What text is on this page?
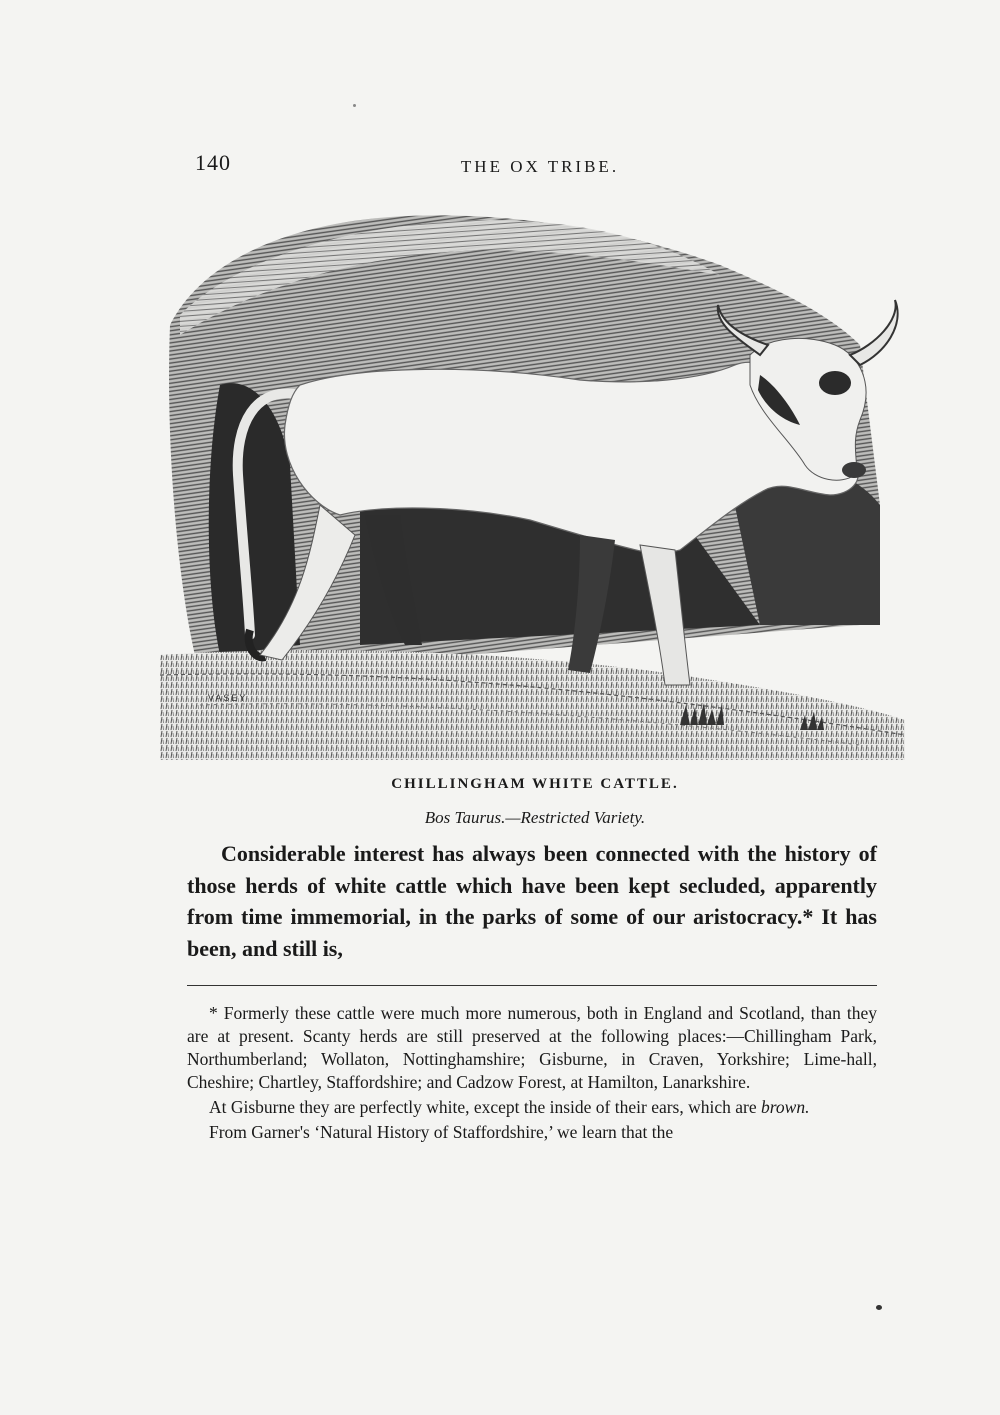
140	THE OX TRIBE.
VASEY
CHILLINGHAM WHITE CATTLE.
Bos Taurus.—Restricted Variety.

Considerable interest has always been connected with the history of those herds of white cattle which have been kept secluded, apparently from time immemorial, in the parks of some of our aristocracy.* It has been, and still is,

* Formerly these cattle were much more numerous, both in England and Scotland, than they are at present. Scanty herds are still preserved at the following places:—Chillingham Park, Northumberland; Wollaton, Nottinghamshire; Gisburne, in Craven, Yorkshire; Lime-hall, Cheshire; Chartley, Staffordshire; and Cadzow Forest, at Hamilton, Lanarkshire.

At Gisburne they are perfectly white, except the inside of their ears, which are brown.

From Garner's ‘Natural History of Staffordshire,’ we learn that the
